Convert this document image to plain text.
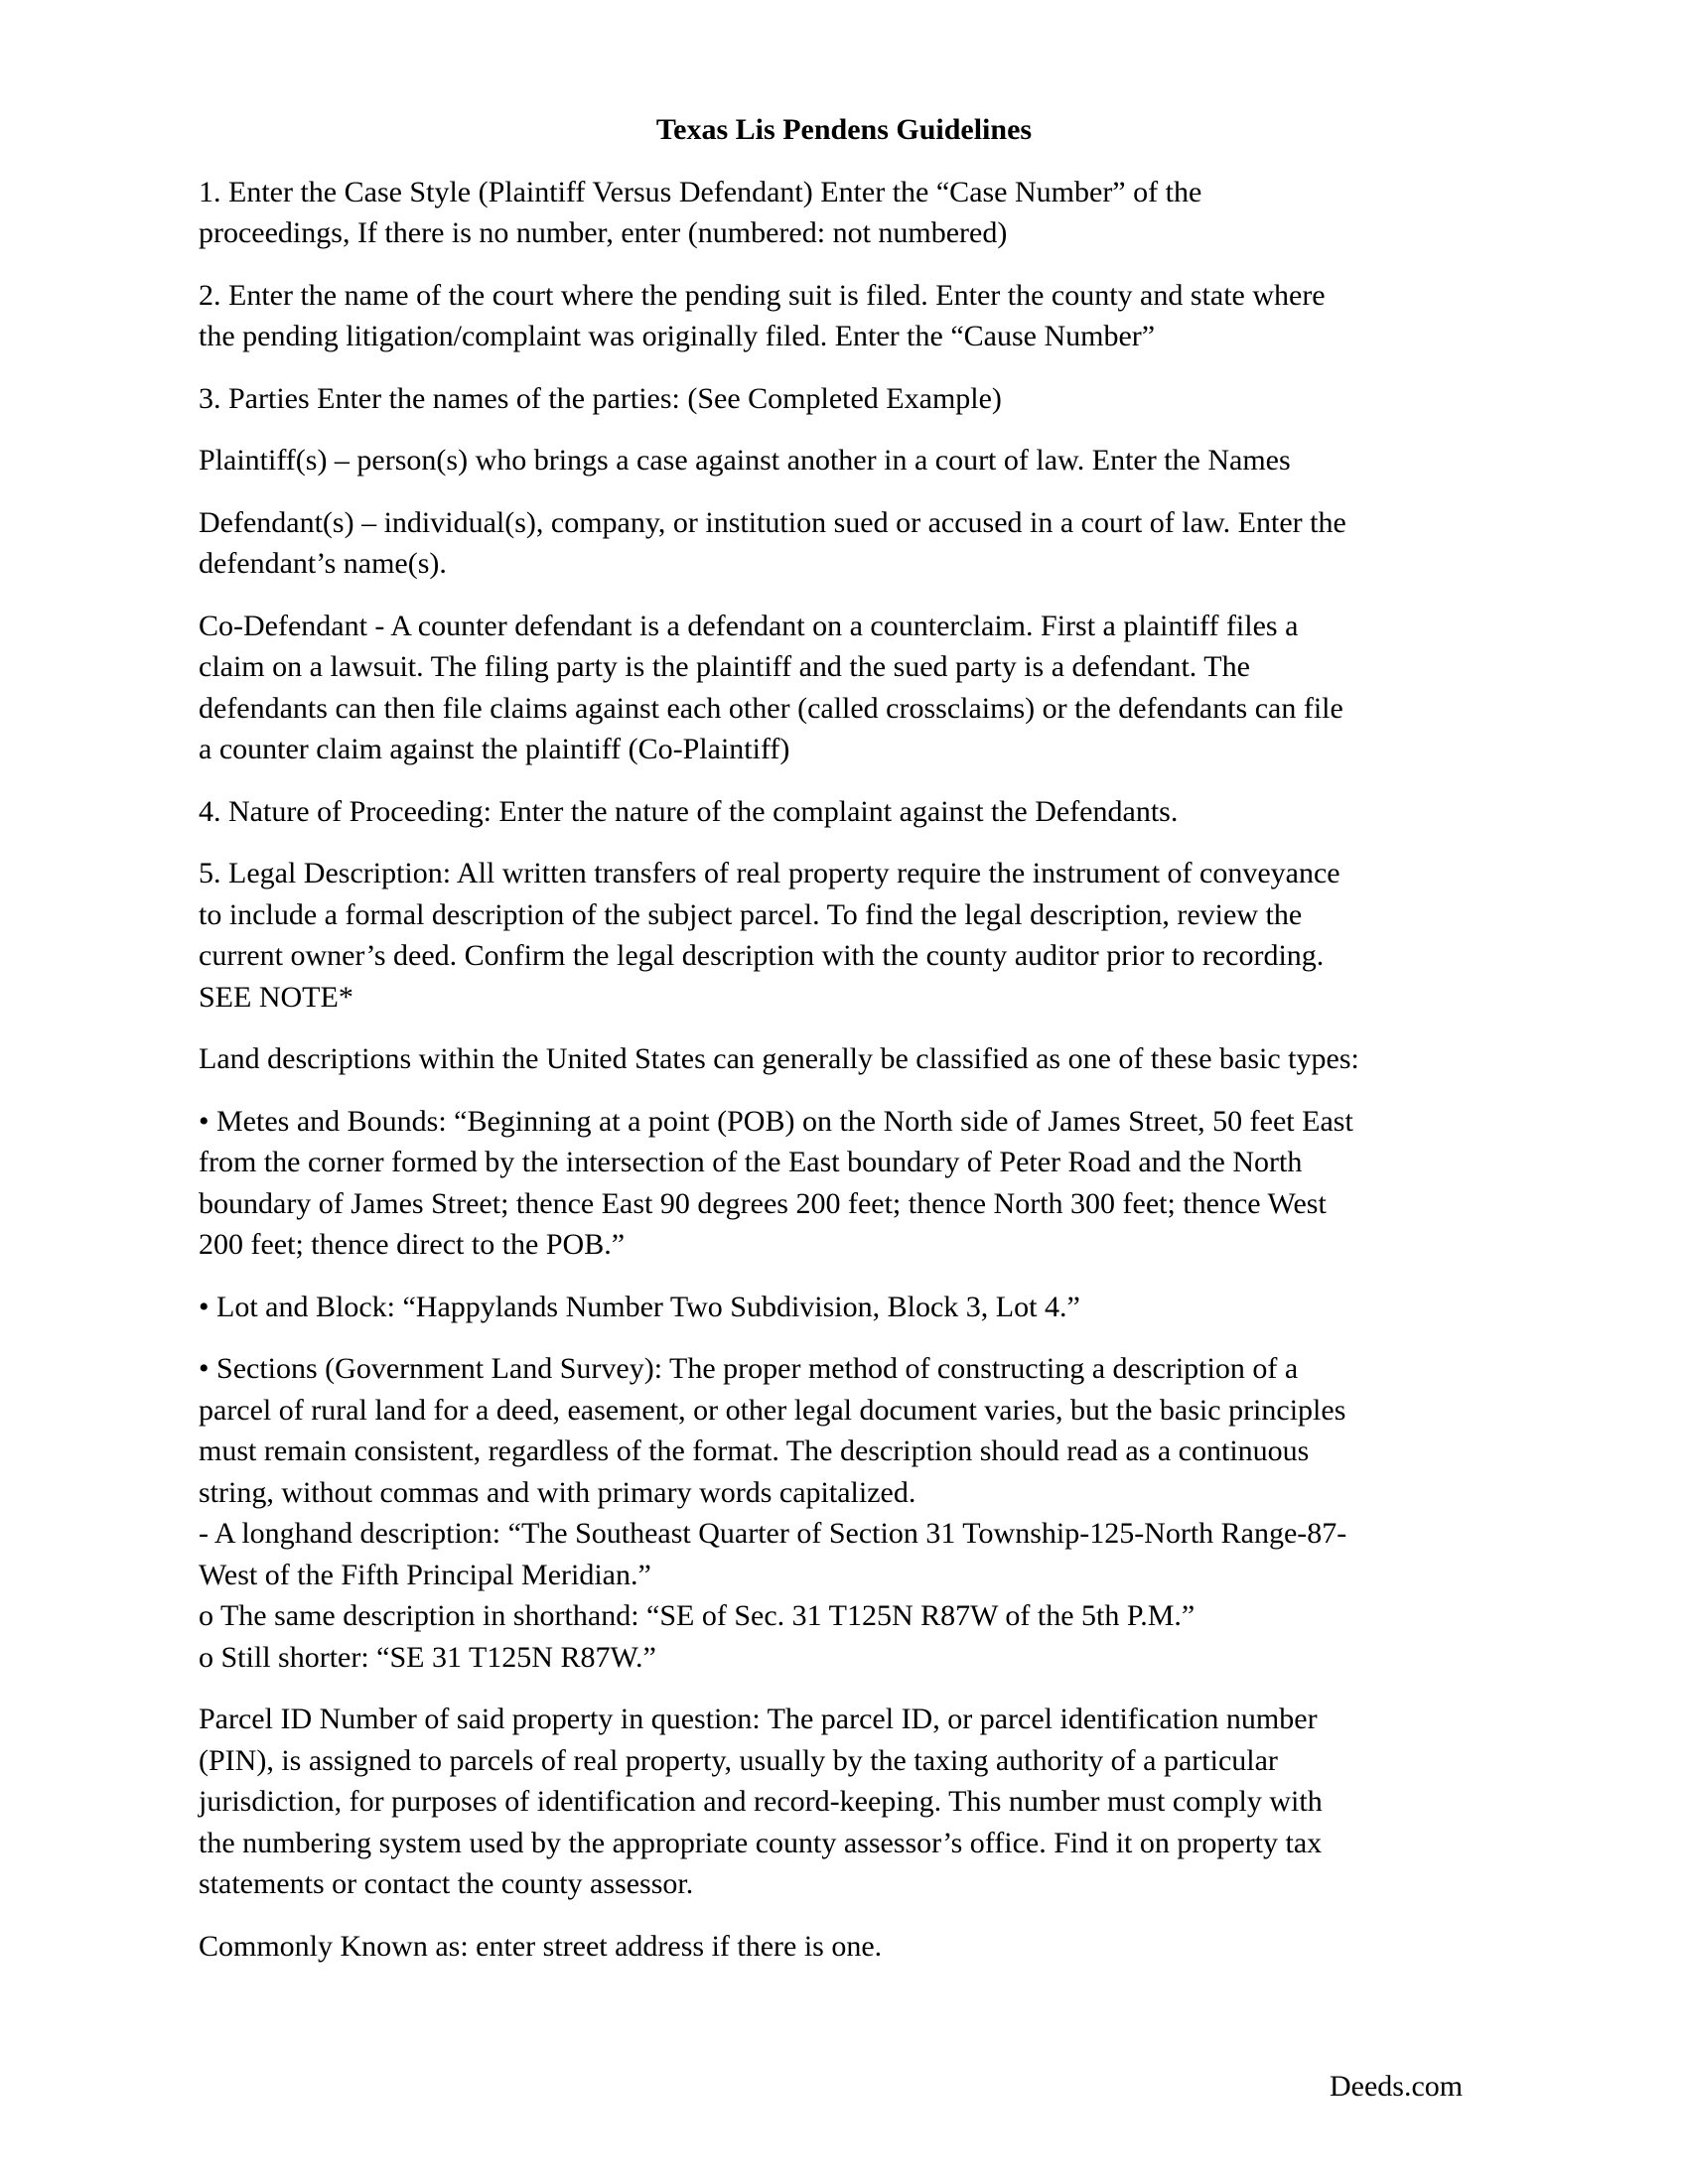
Texas Lis Pendens Guidelines
1. Enter the Case Style (Plaintiff Versus Defendant) Enter the “Case Number” of the
proceedings, If there is no number, enter (numbered: not numbered)
2. Enter the name of the court where the pending suit is filed. Enter the county and state where
the pending litigation/complaint was originally filed. Enter the “Cause Number”
3. Parties Enter the names of the parties: (See Completed Example)
Plaintiff(s) – person(s) who brings a case against another in a court of law. Enter the Names
Defendant(s) – individual(s), company, or institution sued or accused in a court of law. Enter the
defendant’s name(s).
Co-Defendant - A counter defendant is a defendant on a counterclaim. First a plaintiff files a
claim on a lawsuit. The filing party is the plaintiff and the sued party is a defendant. The
defendants can then file claims against each other (called crossclaims) or the defendants can file
a counter claim against the plaintiff (Co-Plaintiff)
4. Nature of Proceeding: Enter the nature of the complaint against the Defendants.
5. Legal Description: All written transfers of real property require the instrument of conveyance
to include a formal description of the subject parcel. To find the legal description, review the
current owner’s deed. Confirm the legal description with the county auditor prior to recording.
SEE NOTE*
Land descriptions within the United States can generally be classified as one of these basic types:
• Metes and Bounds: “Beginning at a point (POB) on the North side of James Street, 50 feet East
from the corner formed by the intersection of the East boundary of Peter Road and the North
boundary of James Street; thence East 90 degrees 200 feet; thence North 300 feet; thence West
200 feet; thence direct to the POB.”
• Lot and Block: “Happylands Number Two Subdivision, Block 3, Lot 4.”
• Sections (Government Land Survey): The proper method of constructing a description of a
parcel of rural land for a deed, easement, or other legal document varies, but the basic principles
must remain consistent, regardless of the format. The description should read as a continuous
string, without commas and with primary words capitalized.
- A longhand description: “The Southeast Quarter of Section 31 Township-125-North Range-87-
West of the Fifth Principal Meridian.”
o The same description in shorthand: “SE of Sec. 31 T125N R87W of the 5th P.M.”
o Still shorter: “SE 31 T125N R87W.”
Parcel ID Number of said property in question: The parcel ID, or parcel identification number
(PIN), is assigned to parcels of real property, usually by the taxing authority of a particular
jurisdiction, for purposes of identification and record-keeping. This number must comply with
the numbering system used by the appropriate county assessor’s office. Find it on property tax
statements or contact the county assessor.
Commonly Known as: enter street address if there is one.
Deeds.com
